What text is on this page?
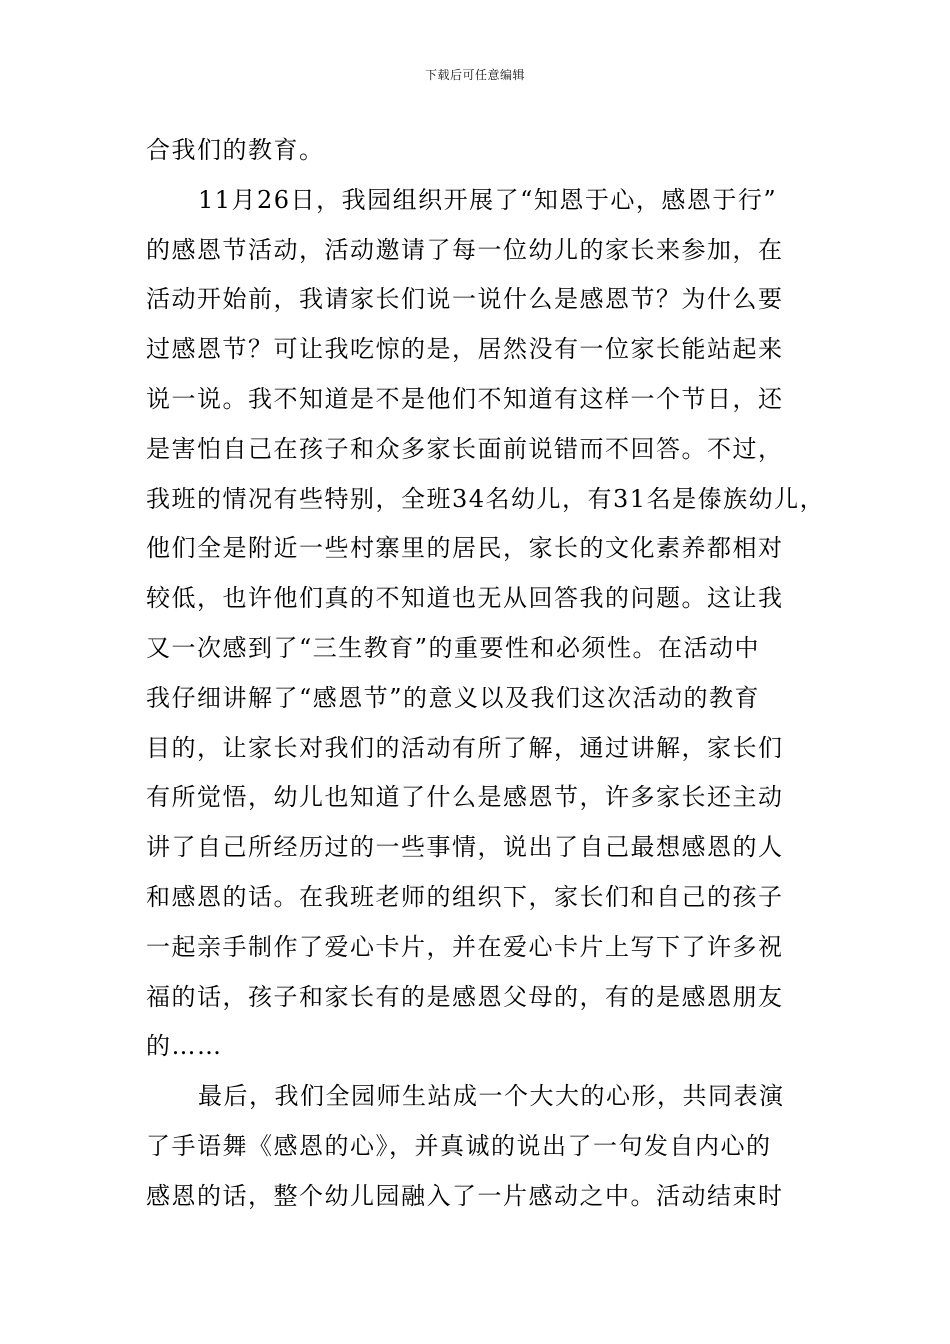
下载后可任意编辑
合我们的教育。
11月26日，我园组织开展了“知恩于心，感恩于行”
的感恩节活动，活动邀请了每一位幼儿的家长来参加，在
活动开始前，我请家长们说一说什么是感恩节？为什么要
过感恩节？可让我吃惊的是，居然没有一位家长能站起来
说一说。我不知道是不是他们不知道有这样一个节日，还
是害怕自己在孩子和众多家长面前说错而不回答。不过，
我班的情况有些特别，全班34名幼儿，有31名是傣族幼儿，
他们全是附近一些村寨里的居民，家长的文化素养都相对
较低，也许他们真的不知道也无从回答我的问题。这让我
又一次感到了“三生教育”的重要性和必须性。在活动中
我仔细讲解了“感恩节”的意义以及我们这次活动的教育
目的，让家长对我们的活动有所了解，通过讲解，家长们
有所觉悟，幼儿也知道了什么是感恩节，许多家长还主动
讲了自己所经历过的一些事情，说出了自己最想感恩的人
和感恩的话。在我班老师的组织下，家长们和自己的孩子
一起亲手制作了爱心卡片，并在爱心卡片上写下了许多祝
福的话，孩子和家长有的是感恩父母的，有的是感恩朋友
的……
最后，我们全园师生站成一个大大的心形，共同表演
了手语舞《感恩的心》，并真诚的说出了一句发自内心的
感恩的话，整个幼儿园融入了一片感动之中。活动结束时
